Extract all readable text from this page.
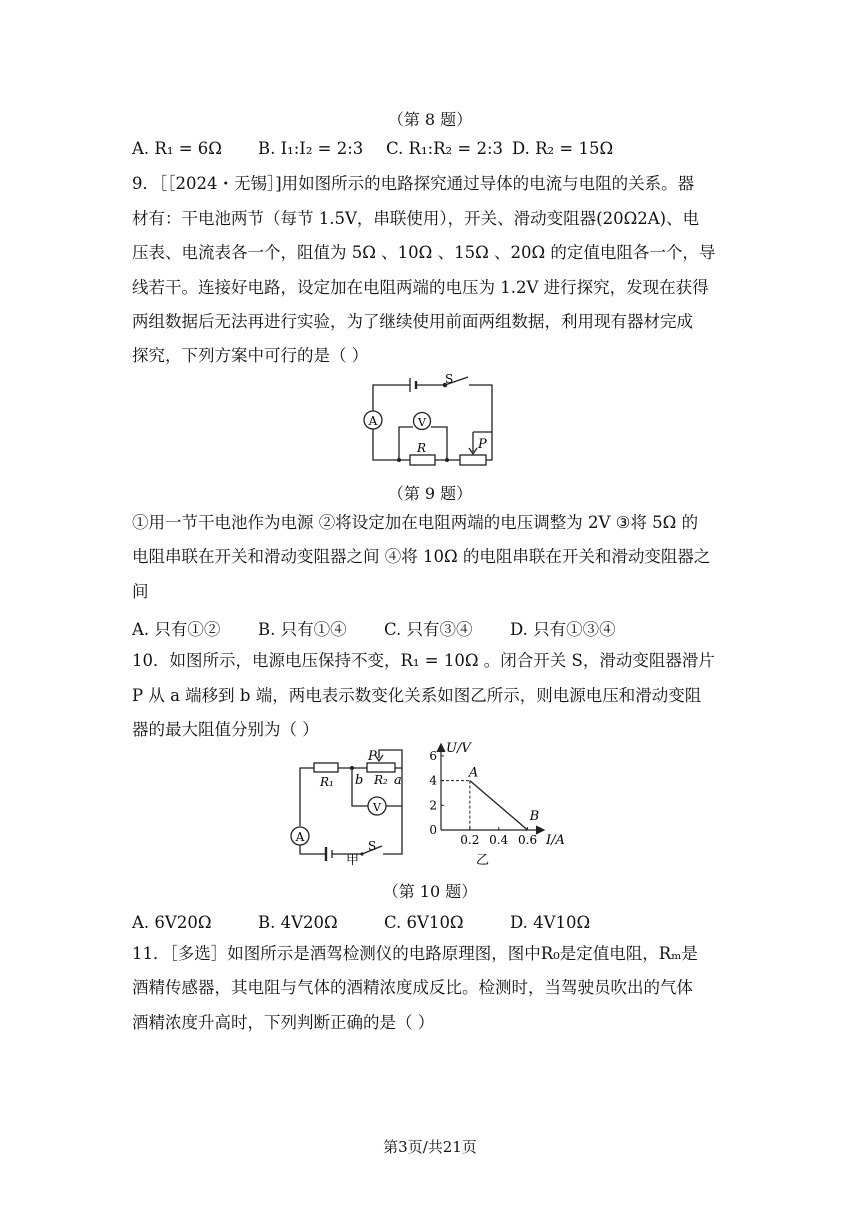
（第 8 题）
A. R₁ = 6Ω B. I₁:I₂ = 2:3 C. R₁:R₂ = 2:3 D. R₂ = 15Ω
9．［［2024・无锡］]用如图所示的电路探究通过导体的电流与电阻的关系。器
材有：干电池两节（每节 1.5V，串联使用），开关、滑动变阻器(20Ω2A)、电
压表、电流表各一个，阻值为 5Ω 、10Ω 、15Ω 、20Ω 的定值电阻各一个，导
线若干。连接好电路，设定加在电阻两端的电压为 1.2V 进行探究，发现在获得
两组数据后无法再进行实验，为了继续使用前面两组数据，利用现有器材完成
探究，下列方案中可行的是（ ）
A	V
S
R	P
（第 9 题）
①用一节干电池作为电源 ②将设定加在电阻两端的电压调整为 2V ③将 5Ω 的
电阻串联在开关和滑动变阻器之间 ④将 10Ω 的电阻串联在开关和滑动变阻器之
间
A. 只有①② B. 只有①④ C. 只有③④ D. 只有①③④
10．如图所示，电源电压保持不变，R₁ = 10Ω 。闭合开关 S，滑动变阻器滑片
P 从 a 端移到 b 端，两电表示数变化关系如图乙所示，则电源电压和滑动变阻
器的最大阻值分别为（ ）
P
R₁ b R₂ a
A
V
S
甲
0
2
4
6
0.2 0.4 0.6
A
B
U/V
I/A
乙
（第 10 题）
A. 6V20Ω	B. 4V20Ω	C. 6V10Ω	D. 4V10Ω
11．［多选］如图所示是酒驾检测仪的电路原理图，图中R₀是定值电阻，Rₘ是
酒精传感器，其电阻与气体的酒精浓度成反比。检测时，当驾驶员吹出的气体
酒精浓度升高时，下列判断正确的是（ ）
第3页/共21页
